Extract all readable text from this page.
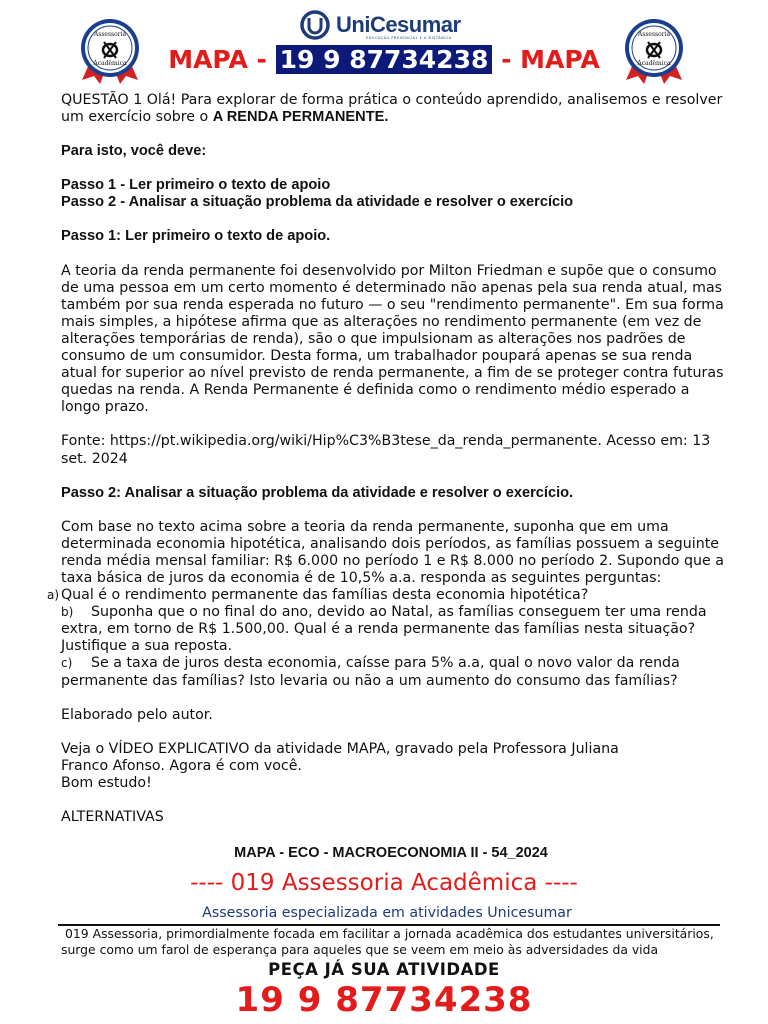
UniCesumar
EDUCAÇÃO PRESENCIAL E A DISTÂNCIA
Assessoria
Acadêmica
Assessoria
Acadêmica
MAPA - 19 9 87734238 - MAPA

QUESTÃO 1 Olá! Para explorar de forma prática o conteúdo aprendido, analisemos e resolver um exercício sobre o A RENDA PERMANENTE.

Para isto, você deve:

Passo 1 - Ler primeiro o texto de apoio

Passo 2 - Analisar a situação problema da atividade e resolver o exercício

Passo 1: Ler primeiro o texto de apoio.

A teoria da renda permanente foi desenvolvido por Milton Friedman e supõe que o consumo de uma pessoa em um certo momento é determinado não apenas pela sua renda atual, mas também por sua renda esperada no futuro — o seu "rendimento permanente". Em sua forma mais simples, a hipótese afirma que as alterações no rendimento permanente (em vez de alterações temporárias de renda), são o que impulsionam as alterações nos padrões de consumo de um consumidor. Desta forma, um trabalhador poupará apenas se sua renda atual for superior ao nível previsto de renda permanente, a fim de se proteger contra futuras quedas na renda. A Renda Permanente é definida como o rendimento médio esperado a longo prazo.

Fonte: https://pt.wikipedia.org/wiki/Hip%C3%B3tese_da_renda_permanente. Acesso em: 13 set. 2024

Passo 2: Analisar a situação problema da atividade e resolver o exercício.

Com base no texto acima sobre a teoria da renda permanente, suponha que em uma determinada economia hipotética, analisando dois períodos, as famílias possuem a seguinte renda média mensal familiar: R$ 6.000 no período 1 e R$ 8.000 no período 2. Supondo que a taxa básica de juros da economia é de 10,5% a.a. responda as seguintes perguntas:

a) Qual é o rendimento permanente das famílias desta economia hipotética?

b) Suponha que o no final do ano, devido ao Natal, as famílias conseguem ter uma renda extra, em torno de R$ 1.500,00. Qual é a renda permanente das famílias nesta situação? Justifique a sua reposta.

c) Se a taxa de juros desta economia, caísse para 5% a.a, qual o novo valor da renda permanente das famílias? Isto levaria ou não a um aumento do consumo das famílias?

Elaborado pelo autor.

Veja o VÍDEO EXPLICATIVO da atividade MAPA, gravado pela Professora Juliana

Franco Afonso. Agora é com você.

Bom estudo!

ALTERNATIVAS

MAPA - ECO - MACROECONOMIA II - 54_2024
---- 019 Assessoria Acadêmica ----
Assessoria especializada em atividades Unicesumar

019 Assessoria, primordialmente focada em facilitar a jornada acadêmica dos estudantes universitários,

surge como um farol de esperança para aqueles que se veem em meio às adversidades da vida

PEÇA JÁ SUA ATIVIDADE
19 9 87734238
